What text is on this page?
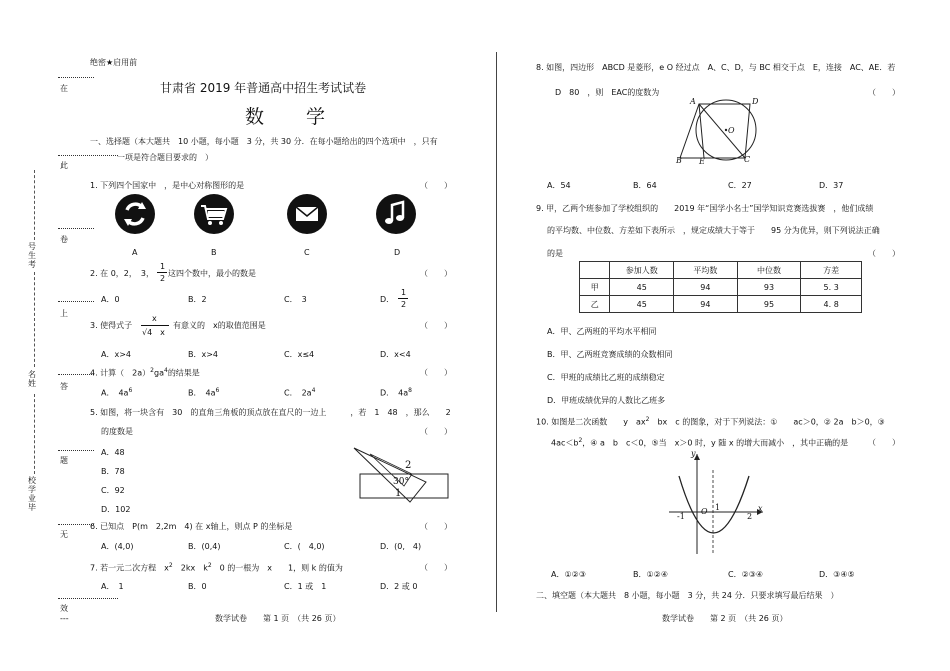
绝密★启用前
在
此
卷
上
答
题
无
效
---
号生考
名姓
校学业毕
甘肃省 2019 年普通高中招生考试试卷
数 学
一、选择题（本大题共　10 小题，每小题　3 分，共 30 分．在每小题给出的四个选项中　，只有
一项是符合题目要求的　）
1. 下列四个国家中　，是中心对称图形的是	（　　）
A	B	C	D
2. 在 0，2，　3，
1
2
这四个数中，最小的数是	（　　）
A．0	B．2	C．　3	D．
1
2
3. 使得式子
x
√4　x
有意义的　x的取值范围是	（　　）
A．x>4	B．x>4	C．x≤4	D．x<4
4. 计算（　$2a)^2ga^4$的结果是	（　　）
A．　$4a^6$	B．　$4a^6$	C．　$2a^4$	D．　$4a^8$
5. 如图，将一块含有　30　的直角三角板的顶点放在直尺的一边上　　　，若　1　48　，那么　　2
的度数是	（　　）
A．48
B．78
C．92
D．102
2
30°
1
6. 已知点　P(m　2,2m　4) 在 x轴上，则点 P 的坐标是	（　　）
A．(4,0)	B．(0,4)	C．(　4,0)	D．(0,　4)
7. 若一元二次方程　$x^2$　2kx　$k^2$　0 的一根为　x　　1，则 k 的值为	（　　）
A．　1	B．0	C．1 或　1	D．2 或 0
数学试卷　　第 1 页　（共 26 页）
8. 如图，四边形　ABCD 是菱形，e O 经过点　A、C、D，与 BC 相交于点　E，连接　AC、AE．若
D　80　，则　EAC的度数为	（　　）
A	D
O
B E	C
A．54	B．64	C．27	D．37
9. 甲，乙两个班参加了学校组织的　　2019 年“国学小名士”国学知识竞赛选拔赛　，他们成绩
的平均数、中位数、方差如下表所示　，规定成绩大于等于　　95 分为优异，则下列说法正确
的是	（　　）
	参加人数	平均数	中位数	方差
甲	45	94	93	5. 3
乙	45	94	95	4. 8
A．甲、乙两班的平均水平相同
B．甲、乙两班竞赛成绩的众数相同
C．甲班的成绩比乙班的成绩稳定
D．甲班成绩优异的人数比乙班多
10. 如图是二次函数　　y　$ax^2$　bx　c 的图象，对于下列说法：①　　ac＞0，② 2a　b＞0，③
$4ac<b^2$，④ a　b　c＜0，⑤当　x＞0 时，y 随 x 的增大而减小　，其中正确的是 （　　）
y
-1
O 1
2
x
A．①②③	B．①②④	C．②③④	D．③④⑤
二、填空题（本大题共　8 小题，每小题　3 分，共 24 分．只要求填写最后结果　）
数学试卷　　第 2 页　（共 26 页）
